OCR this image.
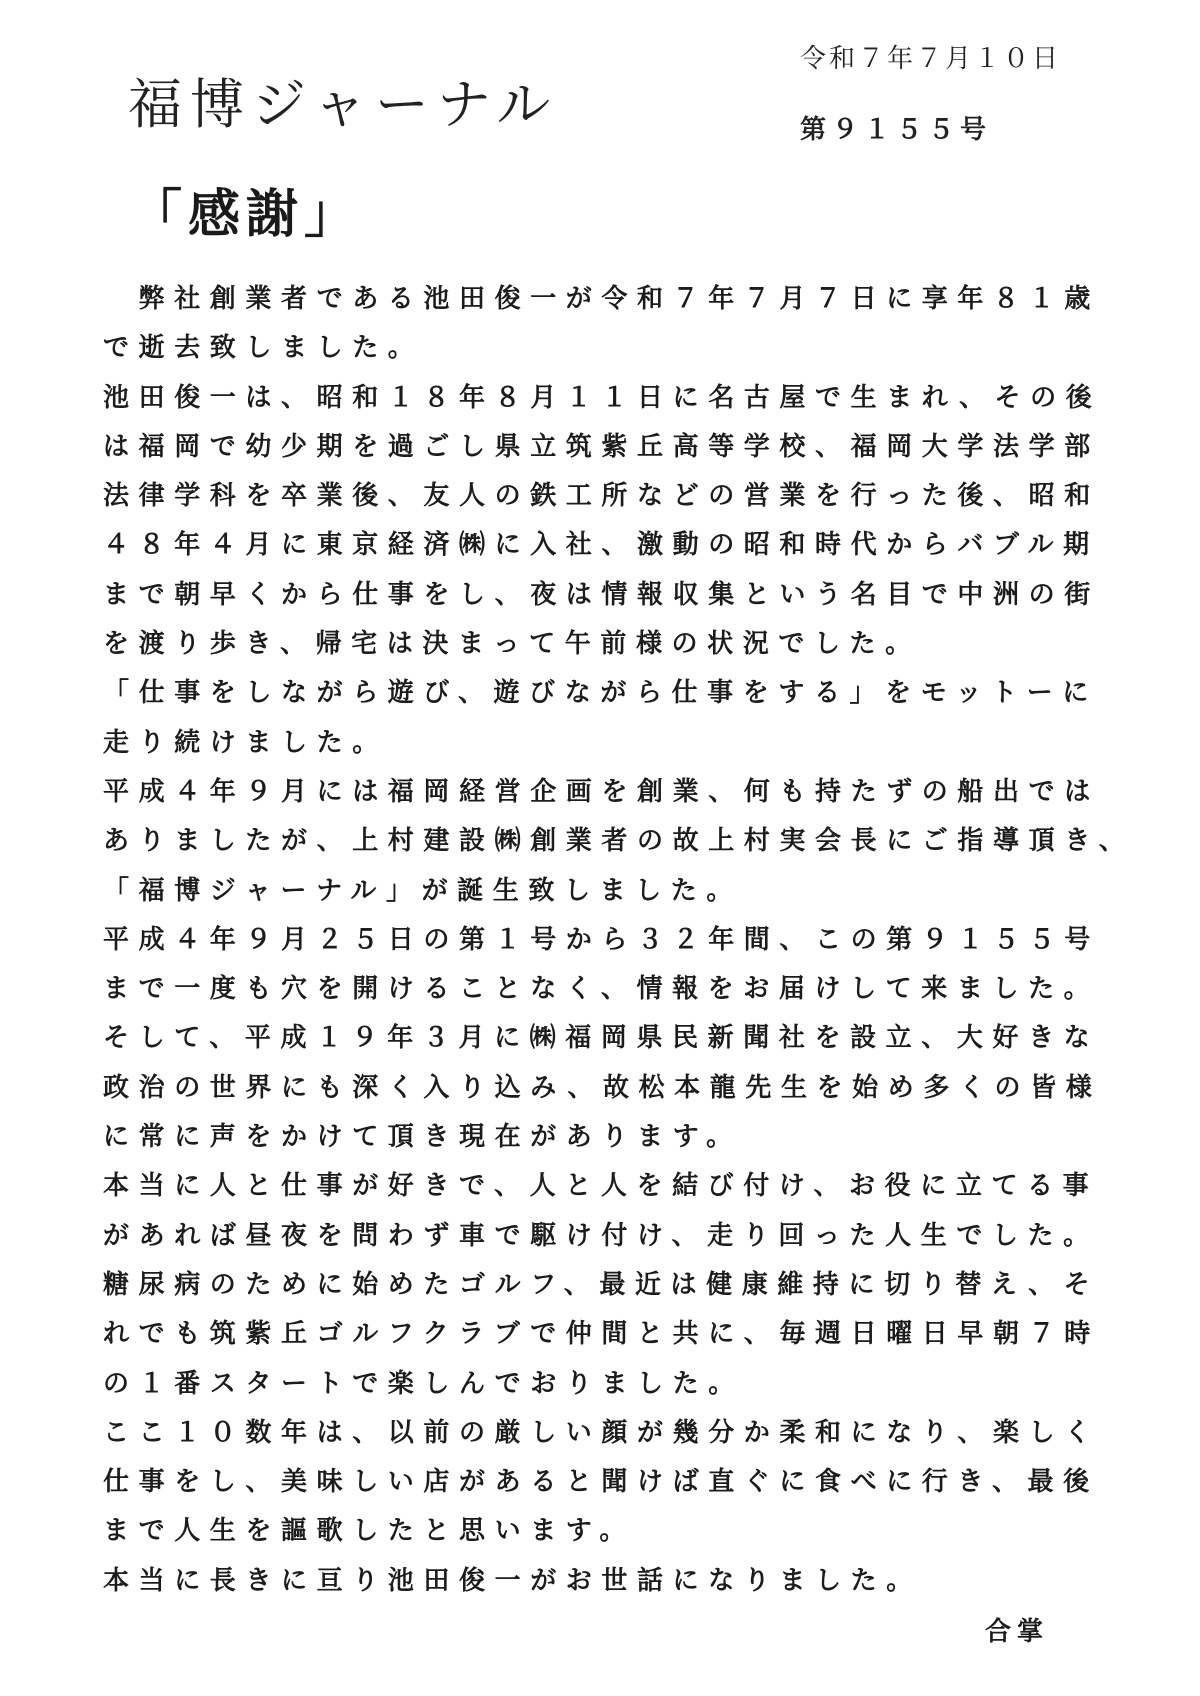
福博ジャーナル
令和７年７月１０日
第９１５５号
「感謝」
　弊社創業者である池田俊一が令和７年７月７日に享年８１歳
で逝去致しました。
池田俊一は、昭和１８年８月１１日に名古屋で生まれ、その後
は福岡で幼少期を過ごし県立筑紫丘高等学校、福岡大学法学部
法律学科を卒業後、友人の鉄工所などの営業を行った後、昭和
４８年４月に東京経済㈱に入社、激動の昭和時代からバブル期
まで朝早くから仕事をし、夜は情報収集という名目で中洲の街
を渡り歩き、帰宅は決まって午前様の状況でした。
「仕事をしながら遊び、遊びながら仕事をする」をモットーに
走り続けました。
平成４年９月には福岡経営企画を創業、何も持たずの船出では
ありましたが、上村建設㈱創業者の故上村実会長にご指導頂き、
「福博ジャーナル」が誕生致しました。
平成４年９月２５日の第１号から３２年間、この第９１５５号
まで一度も穴を開けることなく、情報をお届けして来ました。
そして、平成１９年３月に㈱福岡県民新聞社を設立、大好きな
政治の世界にも深く入り込み、故松本龍先生を始め多くの皆様
に常に声をかけて頂き現在があります。
本当に人と仕事が好きで、人と人を結び付け、お役に立てる事
があれば昼夜を問わず車で駆け付け、走り回った人生でした。
糖尿病のために始めたゴルフ、最近は健康維持に切り替え、そ
れでも筑紫丘ゴルフクラブで仲間と共に、毎週日曜日早朝７時
の１番スタートで楽しんでおりました。
ここ１０数年は、以前の厳しい顔が幾分か柔和になり、楽しく
仕事をし、美味しい店があると聞けば直ぐに食べに行き、最後
まで人生を謳歌したと思います。
本当に長きに亘り池田俊一がお世話になりました。
合掌
